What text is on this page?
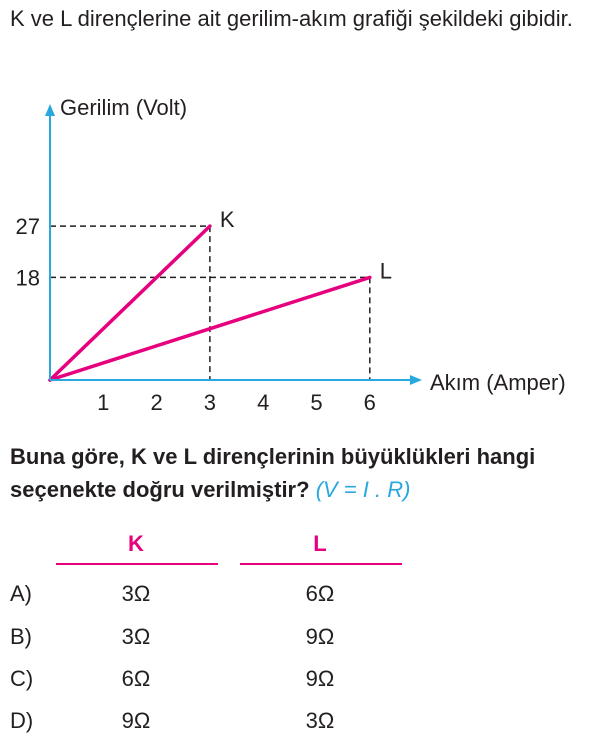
K ve L dirençlerine ait gerilim-akım grafiği şekildeki gibidir.

Gerilim (Volt)
Akım (Amper)
1 2 3 4 5 6
27
18
K
L

Buna göre, K ve L dirençlerinin büyüklükleri hangi seçenekte doğru verilmiştir? (V = I . R)

K	L
A)	3Ω	6Ω
B)	3Ω	9Ω
C)	6Ω	9Ω
D)	9Ω	3Ω
